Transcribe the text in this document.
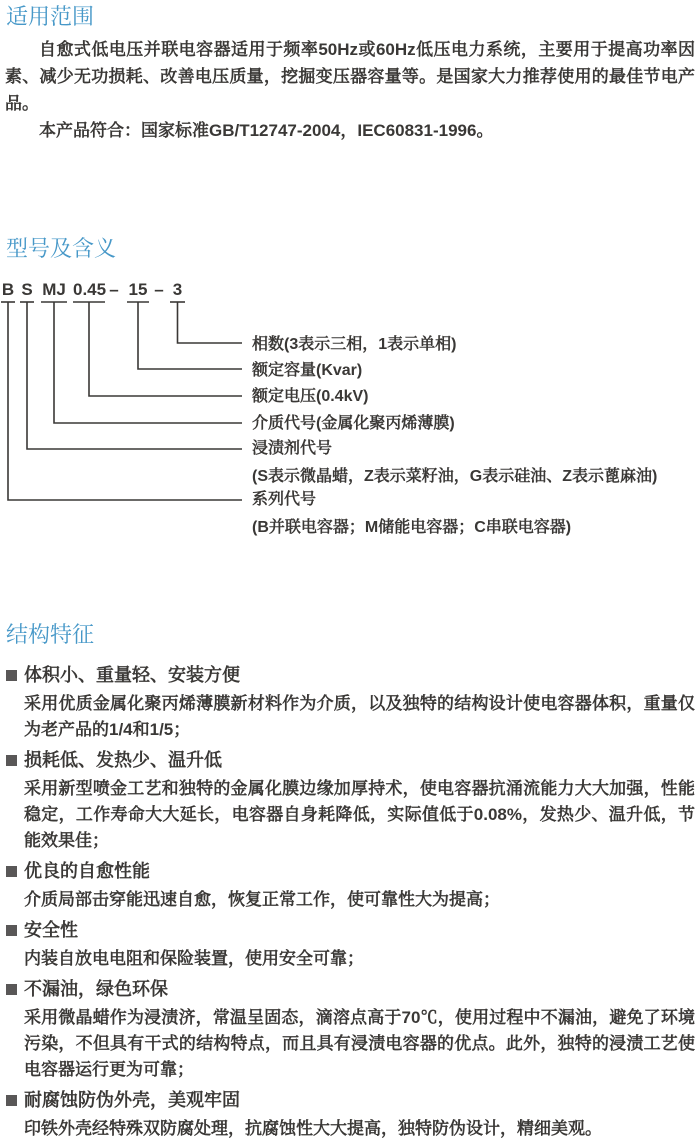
适用范围

自愈式低电压并联电容器适用于频率50Hz或60Hz低压电力系统，主要用于提高功率因素、减少无功损耗、改善电压质量，挖掘变压器容量等。是国家大力推荐使用的最佳节电产品。

本产品符合：国家标准GB/T12747-2004，IEC60831-1996。

型号及含义
B S MJ 0.45 – 15 – 3
相数(3表示三相，1表示单相)
额定容量(Kvar)
额定电压(0.4kV)
介质代号(金属化聚丙烯薄膜)
浸渍剂代号
(S表示微晶蜡，Z表示菜籽油，G表示硅油、Z表示蓖麻油)
系列代号
(B并联电容器；M储能电容器；C串联电容器)
结构特征
体积小、重量轻、安装方便

采用优质金属化聚丙烯薄膜新材料作为介质，以及独特的结构设计使电容器体积，重量仅为老产品的1/4和1/5；

损耗低、发热少、温升低

采用新型喷金工艺和独特的金属化膜边缘加厚持术，使电容器抗涌流能力大大加强，性能稳定，工作寿命大大延长，电容器自身耗降低，实际值低于0.08%，发热少、温升低，节能效果佳；

优良的自愈性能

介质局部击穿能迅速自愈，恢复正常工作，使可靠性大为提高；

安全性

内装自放电电阻和保险装置，使用安全可靠；

不漏油，绿色环保

采用微晶蜡作为浸渍济，常温呈固态，滴溶点高于70℃，使用过程中不漏油，避免了环境污染，不但具有干式的结构特点，而且具有浸渍电容器的优点。此外，独特的浸渍工艺使电容器运行更为可靠；

耐腐蚀防伪外壳，美观牢固

印铁外壳经特殊双防腐处理，抗腐蚀性大大提高，独特防伪设计，精细美观。
